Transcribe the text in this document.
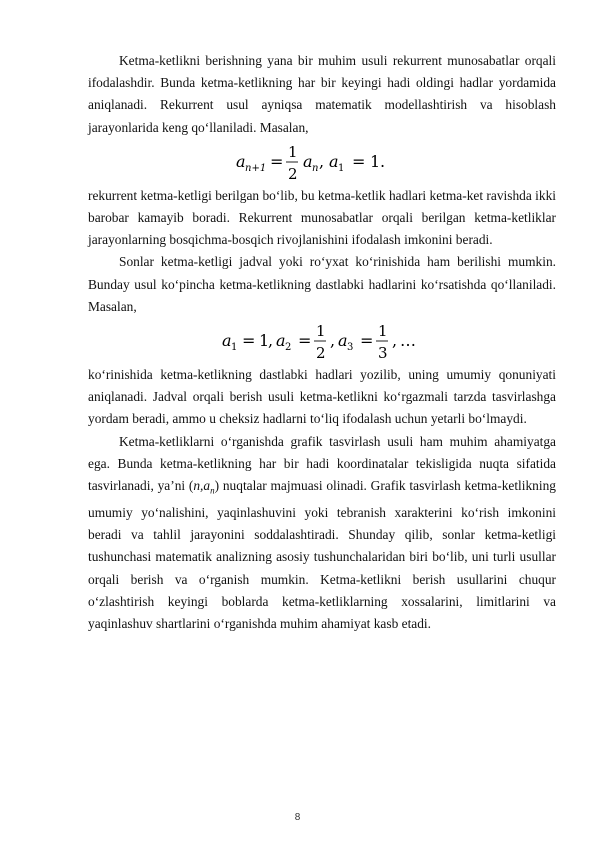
Ketma-ketlikni berishning yana bir muhim usuli rekurrent munosabatlar orqali ifodalashdir. Bunda ketma-ketlikning har bir keyingi hadi oldingi hadlar yordamida aniqlanadi. Rekurrent usul ayniqsa matematik modellashtirish va hisoblash jarayonlarida keng qo‘llaniladi. Masalan,

a n+1 = 1
2
a n , a 1 = 1 .

rekurrent ketma-ketligi berilgan bo‘lib, bu ketma-ketlik hadlari ketma-ket ravishda ikki barobar kamayib boradi. Rekurrent munosabatlar orqali berilgan ketma-ketliklar jarayonlarning bosqichma-bosqich rivojlanishini ifodalash imkonini beradi.

Sonlar ketma-ketligi jadval yoki ro‘yxat ko‘rinishida ham berilishi mumkin. Bunday usul ko‘pincha ketma-ketlikning dastlabki hadlarini ko‘rsatishda qo‘llaniladi. Masalan,

a 1 = 1
, a 2 = 1
2
, a 3 = 1
3
, …

ko‘rinishida ketma-ketlikning dastlabki hadlari yozilib, uning umumiy qonuniyati aniqlanadi. Jadval orqali berish usuli ketma-ketlikni ko‘rgazmali tarzda tasvirlashga yordam beradi, ammo u cheksiz hadlarni to‘liq ifodalash uchun yetarli bo‘lmaydi.

Ketma-ketliklarni o‘rganishda grafik tasvirlash usuli ham muhim ahamiyatga ega. Bunda ketma-ketlikning har bir hadi koordinatalar tekisligida nuqta sifatida tasvirlanadi, ya’ni $(n,a_n)$ nuqtalar majmuasi olinadi. Grafik tasvirlash ketma-ketlikning umumiy yo‘nalishini, yaqinlashuvini yoki tebranish xarakterini ko‘rish imkonini beradi va tahlil jarayonini soddalashtiradi. Shunday qilib, sonlar ketma-ketligi tushunchasi matematik analizning asosiy tushunchalaridan biri bo‘lib, uni turli usullar orqali berish va o‘rganish mumkin. Ketma-ketlikni berish usullarini chuqur o‘zlashtirish keyingi boblarda ketma-ketliklarning xossalarini, limitlarini va yaqinlashuv shartlarini o‘rganishda muhim ahamiyat kasb etadi.

8
